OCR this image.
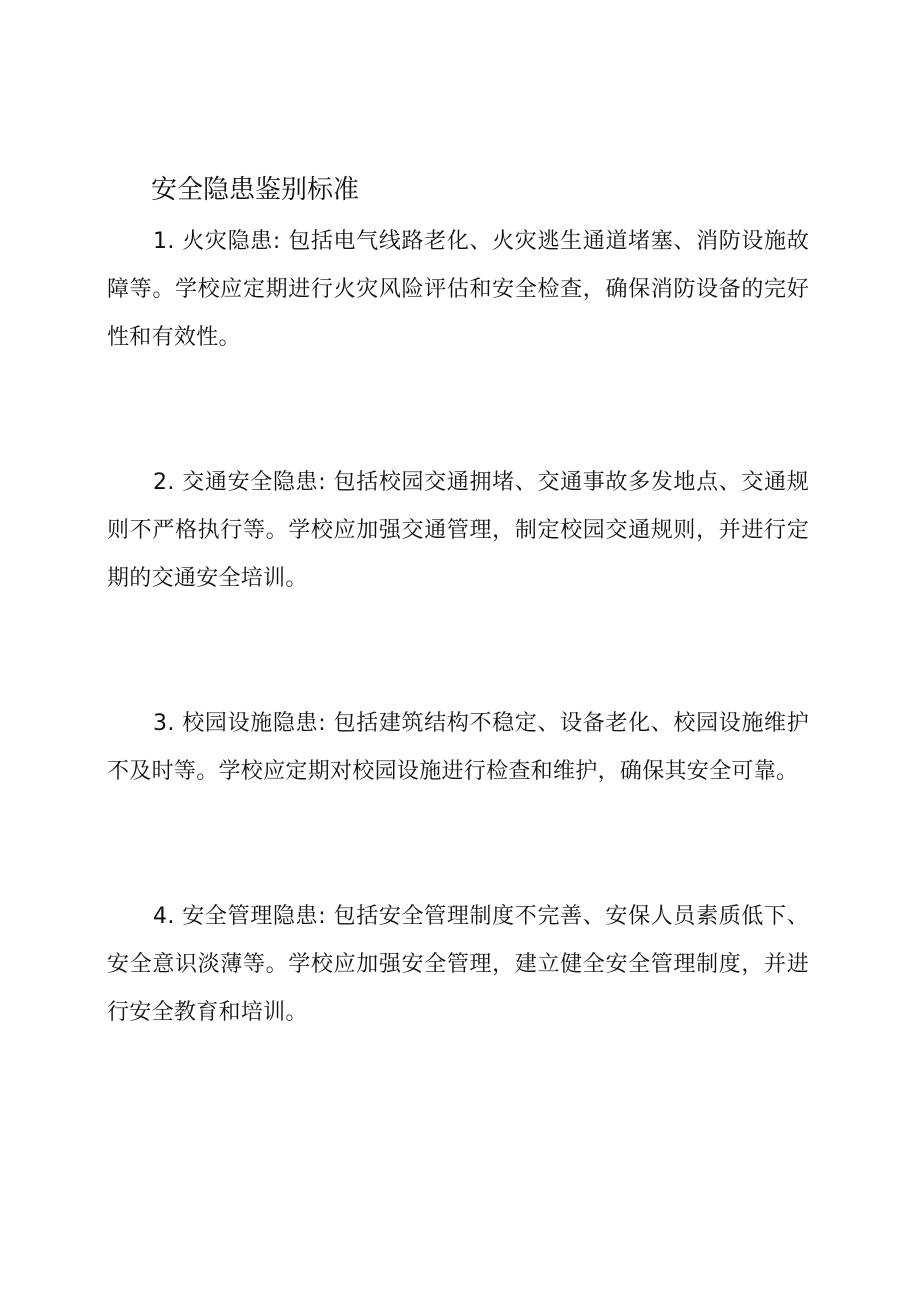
安全隐患鉴别标准

1. 火灾隐患: 包括电气线路老化、火灾逃生通道堵塞、消防设施故障等。学校应定期进行火灾风险评估和安全检查，确保消防设备的完好性和有效性。

2. 交通安全隐患: 包括校园交通拥堵、交通事故多发地点、交通规则不严格执行等。学校应加强交通管理，制定校园交通规则，并进行定期的交通安全培训。

3. 校园设施隐患: 包括建筑结构不稳定、设备老化、校园设施维护不及时等。学校应定期对校园设施进行检查和维护，确保其安全可靠。

4. 安全管理隐患: 包括安全管理制度不完善、安保人员素质低下、安全意识淡薄等。学校应加强安全管理，建立健全安全管理制度，并进行安全教育和培训。
